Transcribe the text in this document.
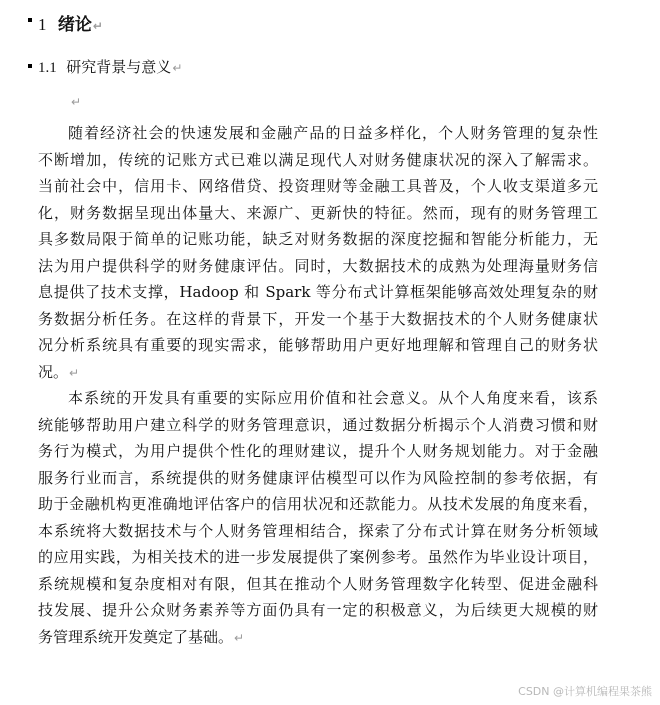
1 绪论↵
1.1 研究背景与意义↵
↵
随着经济社会的快速发展和金融产品的日益多样化，个人财务管理的复杂性
不断增加，传统的记账方式已难以满足现代人对财务健康状况的深入了解需求。
当前社会中，信用卡、网络借贷、投资理财等金融工具普及，个人收支渠道多元
化，财务数据呈现出体量大、来源广、更新快的特征。然而，现有的财务管理工
具多数局限于简单的记账功能，缺乏对财务数据的深度挖掘和智能分析能力，无
法为用户提供科学的财务健康评估。同时，大数据技术的成熟为处理海量财务信
息提供了技术支撑，Hadoop 和 Spark 等分布式计算框架能够高效处理复杂的财
务数据分析任务。在这样的背景下，开发一个基于大数据技术的个人财务健康状
况分析系统具有重要的现实需求，能够帮助用户更好地理解和管理自己的财务状
况。↵
本系统的开发具有重要的实际应用价值和社会意义。从个人角度来看，该系
统能够帮助用户建立科学的财务管理意识，通过数据分析揭示个人消费习惯和财
务行为模式，为用户提供个性化的理财建议，提升个人财务规划能力。对于金融
服务行业而言，系统提供的财务健康评估模型可以作为风险控制的参考依据，有
助于金融机构更准确地评估客户的信用状况和还款能力。从技术发展的角度来看，
本系统将大数据技术与个人财务管理相结合，探索了分布式计算在财务分析领域
的应用实践，为相关技术的进一步发展提供了案例参考。虽然作为毕业设计项目，
系统规模和复杂度相对有限，但其在推动个人财务管理数字化转型、促进金融科
技发展、提升公众财务素养等方面仍具有一定的积极意义，为后续更大规模的财
务管理系统开发奠定了基础。↵
CSDN @计算机编程果茶熊
